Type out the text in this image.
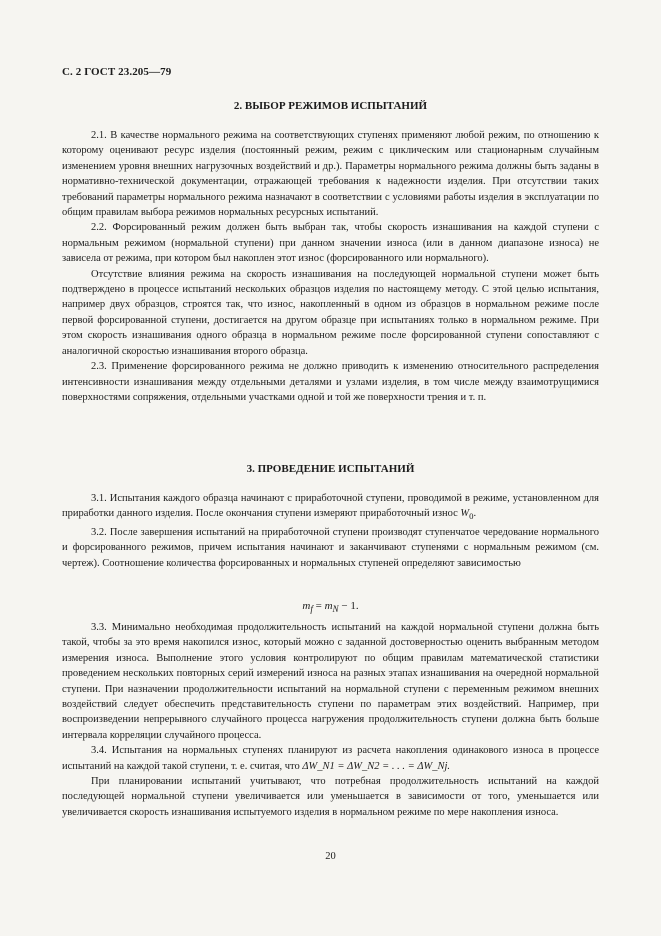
С. 2 ГОСТ 23.205—79
2. ВЫБОР РЕЖИМОВ ИСПЫТАНИЙ

2.1. В качестве нормального режима на соответствующих ступенях применяют любой режим, по отношению к которому оценивают ресурс изделия (постоянный режим, режим с циклическим или стационарным случайным изменением уровня внешних нагрузочных воздействий и др.). Параметры нормального режима должны быть заданы в нормативно-технической документации, отражающей требования к надежности изделия. При отсутствии таких требований параметры нормального режима назначают в соответствии с условиями работы изделия в эксплуатации по общим правилам выбора режимов нормальных ресурсных испытаний.

2.2. Форсированный режим должен быть выбран так, чтобы скорость изнашивания на каждой ступени с нормальным режимом (нормальной ступени) при данном значении износа (или в данном диапазоне износа) не зависела от режима, при котором был накоплен этот износ (форсированного или нормального).

Отсутствие влияния режима на скорость изнашивания на последующей нормальной ступени может быть подтверждено в процессе испытаний нескольких образцов изделия по настоящему методу. С этой целью испытания, например двух образцов, строятся так, что износ, накопленный в одном из образцов в нормальном режиме после первой форсированной ступени, достигается на другом образце при испытаниях только в нормальном режиме. При этом скорость изнашивания одного образца в нормальном режиме после форсированной ступени сопоставляют с аналогичной скоростью изнашивания второго образца.

2.3. Применение форсированного режима не должно приводить к изменению относительного распределения интенсивности изнашивания между отдельными деталями и узлами изделия, в том числе между взаимотрущимися поверхностями сопряжения, отдельными участками одной и той же поверхности трения и т. п.

3. ПРОВЕДЕНИЕ ИСПЫТАНИЙ

3.1. Испытания каждого образца начинают с приработочной ступени, проводимой в режиме, установленном для приработки данного изделия. После окончания ступени измеряют приработочный износ $W_0$.

3.2. После завершения испытаний на приработочной ступени производят ступенчатое чередование нормального и форсированного режимов, причем испытания начинают и заканчивают ступенями с нормальным режимом (см. чертеж). Соотношение количества форсированных и нормальных ступеней определяют зависимостью

$m_f = m_N - 1$.

3.3. Минимально необходимая продолжительность испытаний на каждой нормальной ступени должна быть такой, чтобы за это время накопился износ, который можно с заданной достоверностью оценить выбранным методом измерения износа. Выполнение этого условия контролируют по общим правилам математической статистики проведением нескольких повторных серий измерений износа на разных этапах изнашивания на очередной нормальной ступени. При назначении продолжительности испытаний на нормальной ступени с переменным режимом внешних воздействий следует обеспечить представительность ступени по параметрам этих воздействий. Например, при воспроизведении непрерывного случайного процесса нагружения продолжительность ступени должна быть больше интервала корреляции случайного процесса.

3.4. Испытания на нормальных ступенях планируют из расчета накопления одинакового износа в процессе испытаний на каждой такой ступени, т. е. считая, что ΔW_N1 = ΔW_N2 = . . . = ΔW_Nj.

При планировании испытаний учитывают, что потребная продолжительность испытаний на каждой последующей нормальной ступени увеличивается или уменьшается в зависимости от того, уменьшается или увеличивается скорость изнашивания испытуемого изделия в нормальном режиме по мере накопления износа.

20
